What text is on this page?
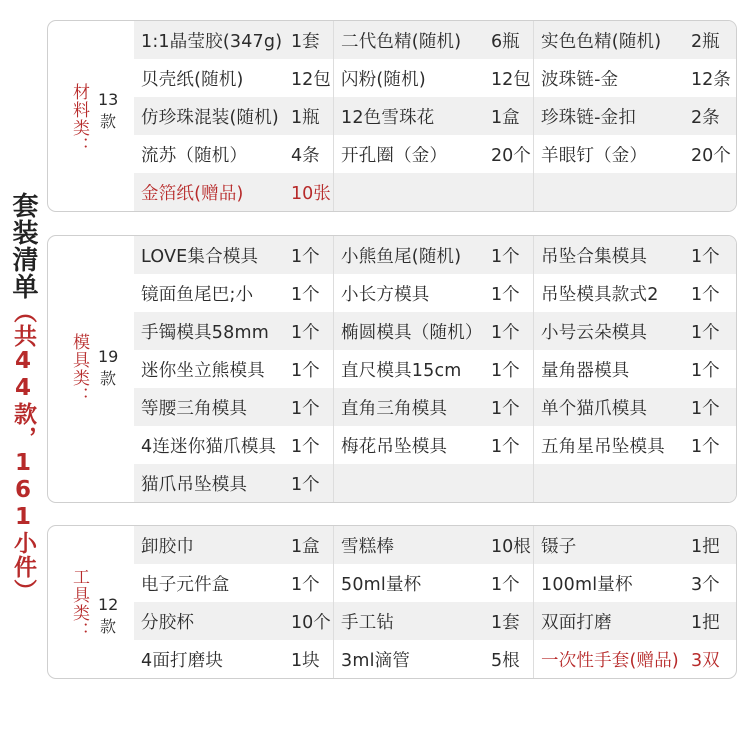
套装清单（共44款，161小件）
材料类： 13
款
1:1晶莹胶(347g) 1套 二代色精(随机)	6瓶 实色色精(随机)	2瓶
贝壳纸(随机)	12包 闪粉(随机)	12包 波珠链-金	12条
仿珍珠混装(随机) 1瓶 12色雪珠花	1盒 珍珠链-金扣	2条
流苏（随机）	4条 开孔圈（金）	20个 羊眼钉（金）	20个
金箔纸(赠品)	10张
模具类： 19
款
LOVE集合模具	1个 小熊鱼尾(随机)	1个 吊坠合集模具	1个
镜面鱼尾巴;小	1个 小长方模具	1个 吊坠模具款式2	1个
手镯模具58mm	1个 椭圆模具（随机） 1个 小号云朵模具	1个
迷你坐立熊模具	1个 直尺模具15cm	1个 量角器模具	1个
等腰三角模具	1个 直角三角模具	1个 单个猫爪模具	1个
4连迷你猫爪模具 1个 梅花吊坠模具	1个 五角星吊坠模具	1个
猫爪吊坠模具	1个
工具类： 12
款
卸胶巾	1盒 雪糕棒	10根 镊子	1把
电子元件盒	1个 50ml量杯	1个 100ml量杯	3个
分胶杯	10个 手工钻	1套 双面打磨	1把
4面打磨块	1块 3ml滴管	5根 一次性手套(赠品) 3双
